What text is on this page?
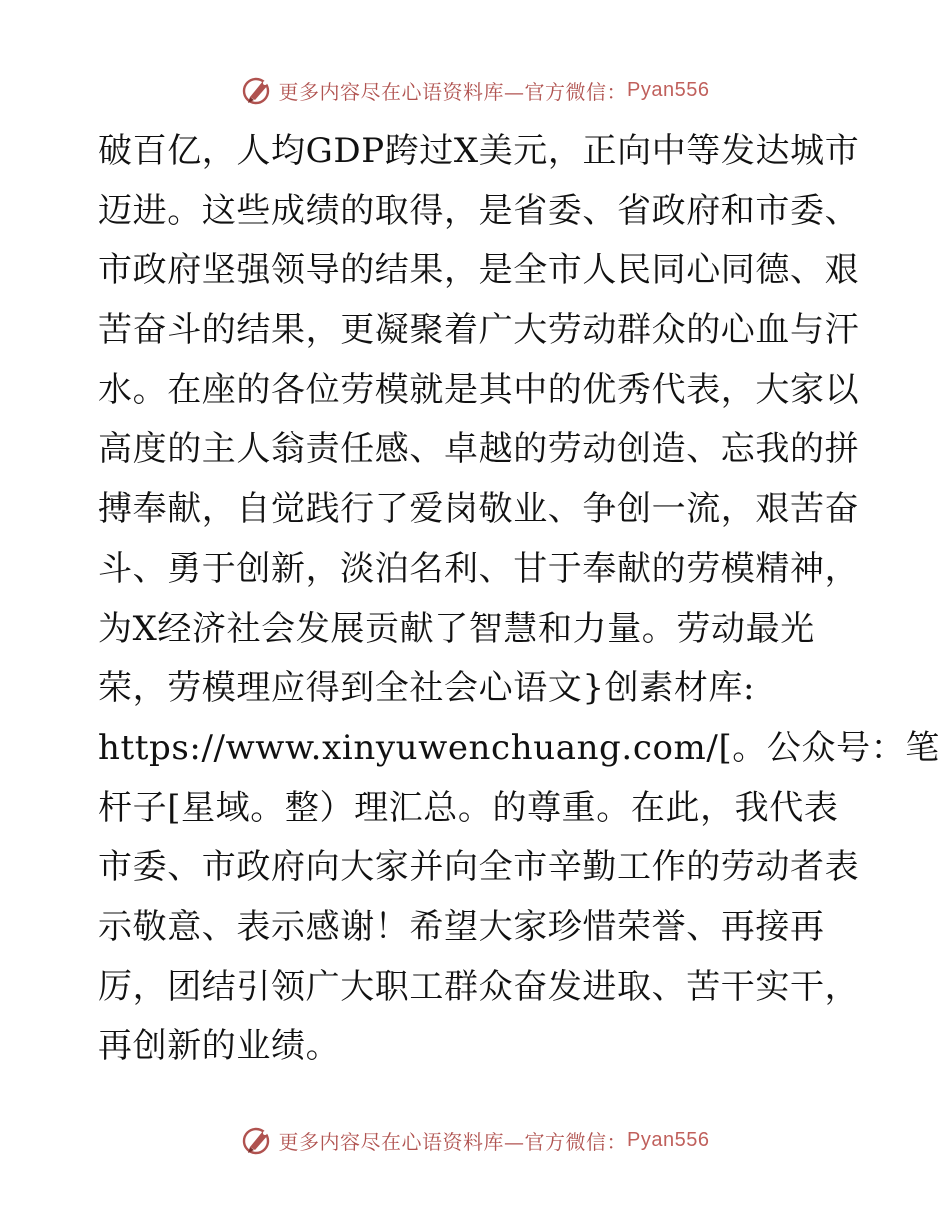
更多内容尽在心语资料库—官方微信： Pyan556
破百亿，人均GDP跨过X美元，正向中等发达城市
迈进。这些成绩的取得，是省委、省政府和市委、
市政府坚强领导的结果，是全市人民同心同德、艰
苦奋斗的结果，更凝聚着广大劳动群众的心血与汗
水。在座的各位劳模就是其中的优秀代表，大家以
高度的主人翁责任感、卓越的劳动创造、忘我的拼
搏奉献，自觉践行了爱岗敬业、争创一流，艰苦奋
斗、勇于创新，淡泊名利、甘于奉献的劳模精神，
为X经济社会发展贡献了智慧和力量。劳动最光
荣，劳模理应得到全社会心语文}创素材库:
https://www.xinyuwenchuang.com/[。公众号：笔
杆子[星域。整）理汇总。的尊重。在此，我代表
市委、市政府向大家并向全市辛勤工作的劳动者表
示敬意、表示感谢！希望大家珍惜荣誉、再接再
厉，团结引领广大职工群众奋发进取、苦干实干，
再创新的业绩。
更多内容尽在心语资料库—官方微信： Pyan556
